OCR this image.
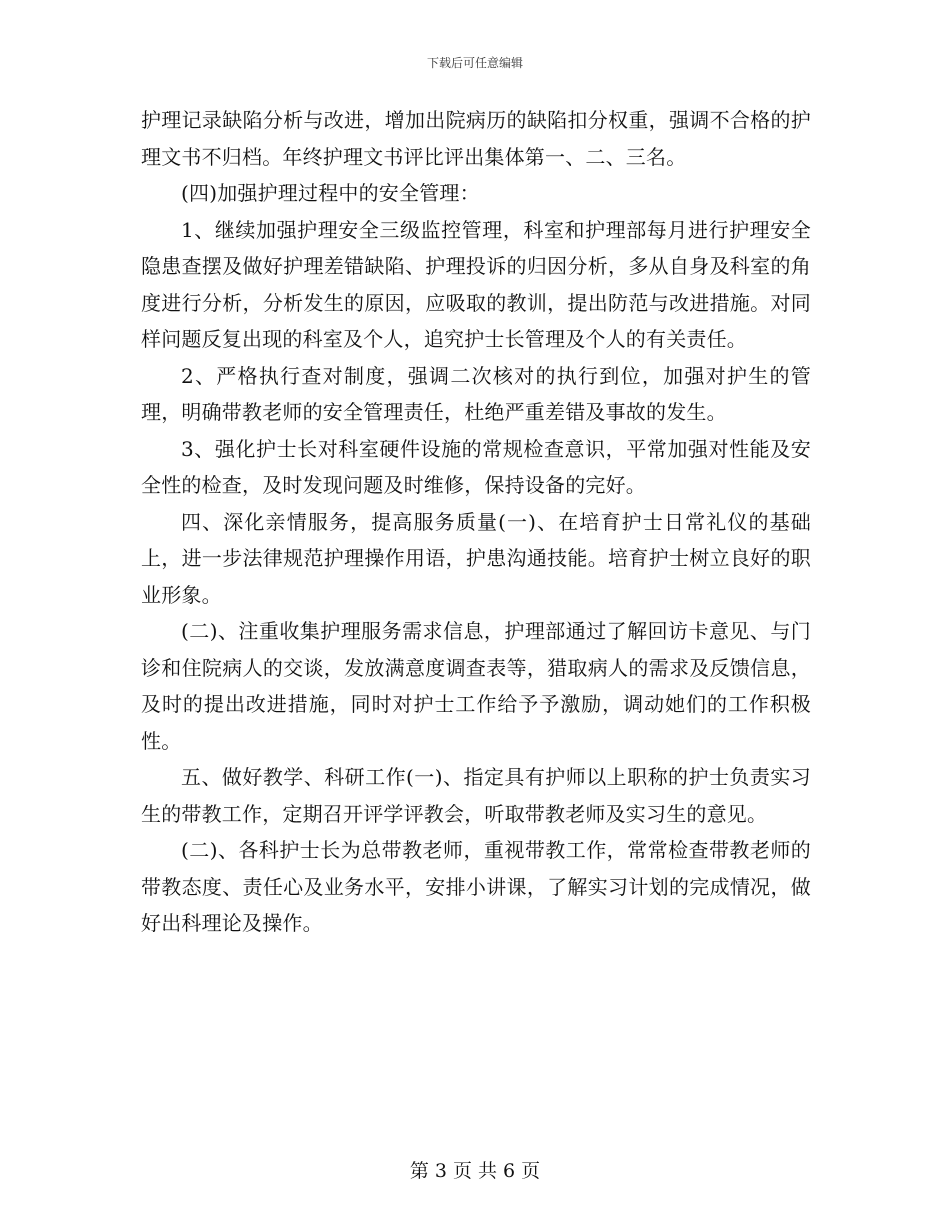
下载后可任意编辑

护理记录缺陷分析与改进，增加出院病历的缺陷扣分权重，强调不合格的护理文书不归档。年终护理文书评比评出集体第一、二、三名。

(四)加强护理过程中的安全管理：

1、继续加强护理安全三级监控管理，科室和护理部每月进行护理安全隐患查摆及做好护理差错缺陷、护理投诉的归因分析，多从自身及科室的角度进行分析，分析发生的原因，应吸取的教训，提出防范与改进措施。对同样问题反复出现的科室及个人，追究护士长管理及个人的有关责任。

2、严格执行查对制度，强调二次核对的执行到位，加强对护生的管理，明确带教老师的安全管理责任，杜绝严重差错及事故的发生。

3、强化护士长对科室硬件设施的常规检查意识，平常加强对性能及安全性的检查，及时发现问题及时维修，保持设备的完好。

四、深化亲情服务，提高服务质量(一)、在培育护士日常礼仪的基础上，进一步法律规范护理操作用语，护患沟通技能。培育护士树立良好的职业形象。

(二)、注重收集护理服务需求信息，护理部通过了解回访卡意见、与门诊和住院病人的交谈，发放满意度调查表等，猎取病人的需求及反馈信息，及时的提出改进措施，同时对护士工作给予予激励，调动她们的工作积极性。

五、做好教学、科研工作(一)、指定具有护师以上职称的护士负责实习生的带教工作，定期召开评学评教会，听取带教老师及实习生的意见。

(二)、各科护士长为总带教老师，重视带教工作，常常检查带教老师的带教态度、责任心及业务水平，安排小讲课，了解实习计划的完成情况，做好出科理论及操作。

第 3 页 共 6 页
